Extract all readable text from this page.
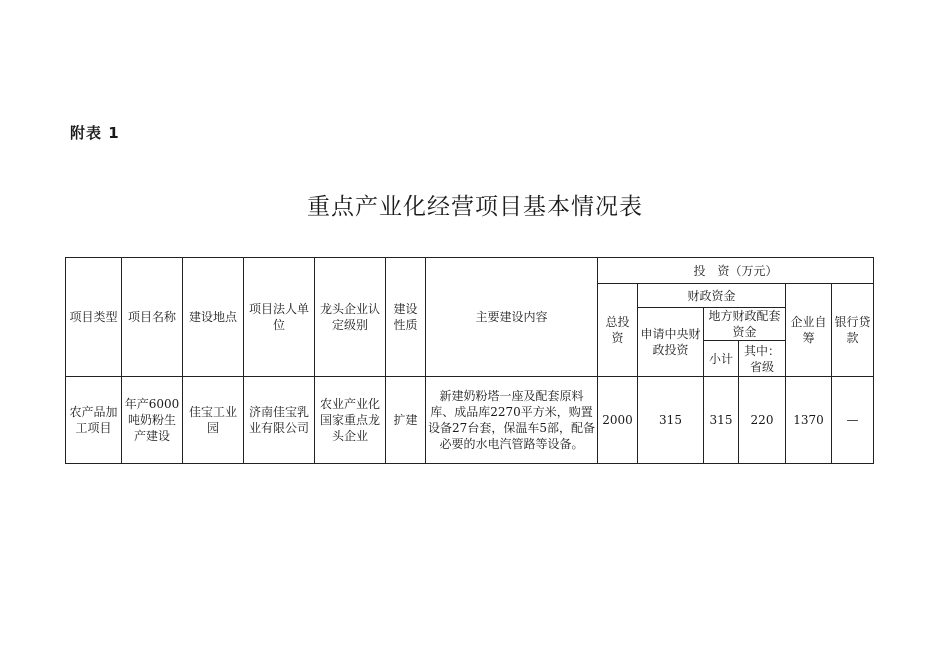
附表 1
重点产业化经营项目基本情况表
项目类型	项目名称	建设地点	项目法人单位	龙头企业认定级别	建设性质	主要建设内容	投　资（万元）					
							总投资	财政资金			企业自筹	银行贷款
								申请中央财政投资	地方财政配套资金			
									小计	其中：省级		
农产品加工项目	年产6000吨奶粉生产建设	佳宝工业园	济南佳宝乳业有限公司	农业产业化国家重点龙头企业	扩建	新建奶粉塔一座及配套原料库、成品库2270平方米，购置设备27台套，保温车5部，配备必要的水电汽管路等设备。	2000	315	315	220	1370	—
